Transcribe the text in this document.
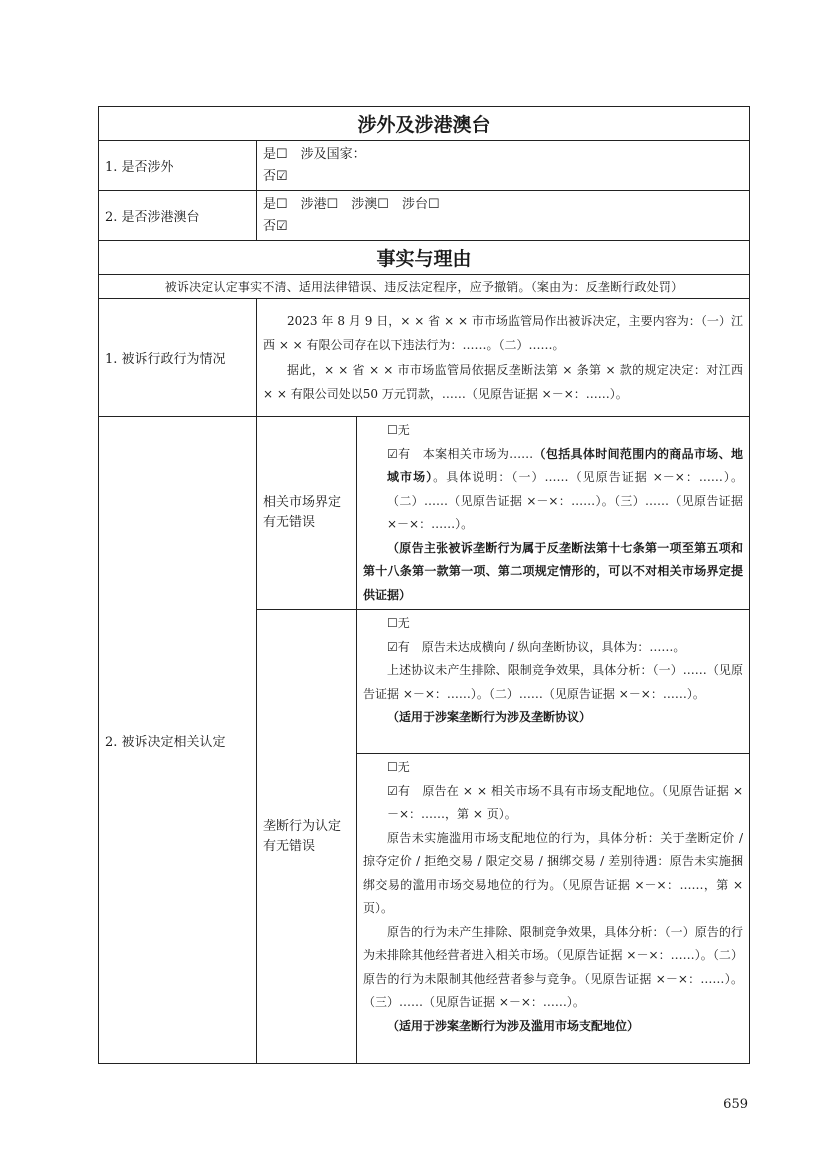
涉外及涉港澳台		
1. 是否涉外	是☐　涉及国家：
否☑	

2. 是否涉港澳台	是☐　涉港☐　涉澳☐　涉台☐
否☑	

事实与理由		
被诉决定认定事实不清、适用法律错误、违反法定程序，应予撤销。（案由为：反垄断行政处罚）		
1. 被诉行政行为情况	2023 年 8 月 9 日，× × 省 × × 市市场监管局作出被诉决定，主要内容为：（一）江西 × × 有限公司存在以下违法行为：……。（二）……。

据此，× × 省 × × 市市场监管局依据反垄断法第 × 条第 × 款的规定决定：对江西 × × 有限公司处以50 万元罚款，……（见原告证据 ×－×：……）。	

2. 被诉决定相关认定	相关市场界定有无错误	☐无

☑有　本案相关市场为……（包括具体时间范围内的商品市场、地域市场）。具体说明：（一）……（见原告证据 ×－×：……）。（二）……（见原告证据 ×－×：……）。（三）……（见原告证据 ×－×：……）。

（原告主张被诉垄断行为属于反垄断法第十七条第一项至第五项和第十八条第一款第一项、第二项规定情形的，可以不对相关市场界定提供证据）

	垄断行为认定有无错误	☐无

☑有　原告未达成横向 / 纵向垄断协议，具体为：……。

上述协议未产生排除、限制竞争效果，具体分析：（一）……（见原告证据 ×－×：……）。（二）……（见原告证据 ×－×：……）。

（适用于涉案垄断行为涉及垄断协议）

		☐无

☑有　原告在 × × 相关市场不具有市场支配地位。（见原告证据 ×－×：……，第 × 页）。

原告未实施滥用市场支配地位的行为，具体分析：关于垄断定价 / 掠夺定价 / 拒绝交易 / 限定交易 / 捆绑交易 / 差别待遇：原告未实施捆绑交易的滥用市场交易地位的行为。（见原告证据 ×－×：……，第 × 页）。

原告的行为未产生排除、限制竞争效果，具体分析：（一）原告的行为未排除其他经营者进入相关市场。（见原告证据 ×－×：……）。（二）原告的行为未限制其他经营者参与竞争。（见原告证据 ×－×：……）。（三）……（见原告证据 ×－×：……）。

（适用于涉案垄断行为涉及滥用市场支配地位）

659
